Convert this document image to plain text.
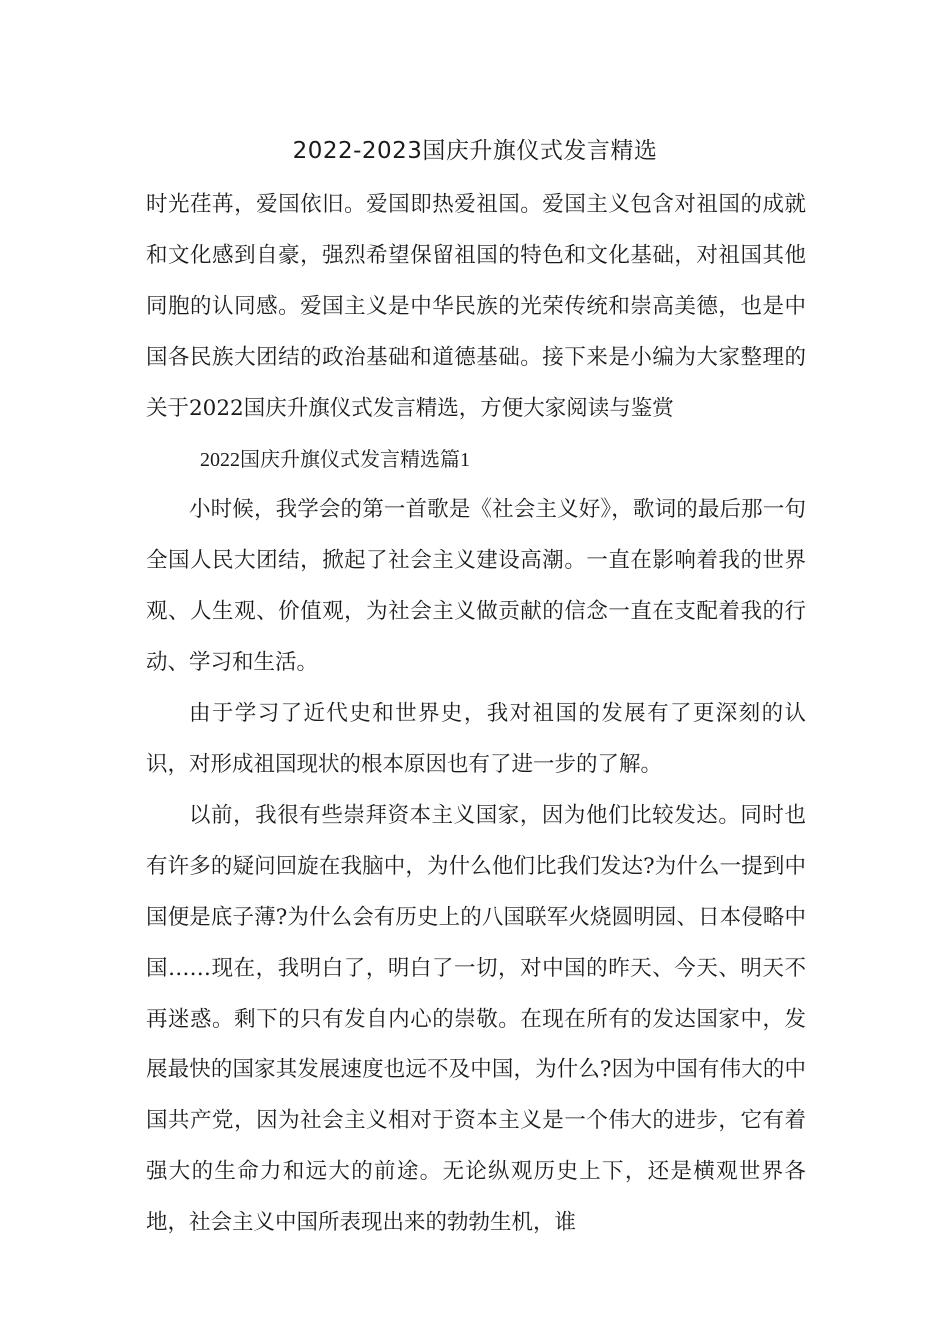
2022-2023国庆升旗仪式发言精选

时光荏苒，爱国依旧。爱国即热爱祖国。爱国主义包含对祖国的成就和文化感到自豪，强烈希望保留祖国的特色和文化基础，对祖国其他同胞的认同感。爱国主义是中华民族的光荣传统和崇高美德，也是中国各民族大团结的政治基础和道德基础。接下来是小编为大家整理的关于2022国庆升旗仪式发言精选，方便大家阅读与鉴赏

2022国庆升旗仪式发言精选篇1

小时候，我学会的第一首歌是《社会主义好》，歌词的最后那一句全国人民大团结，掀起了社会主义建设高潮。一直在影响着我的世界观、人生观、价值观，为社会主义做贡献的信念一直在支配着我的行动、学习和生活。

由于学习了近代史和世界史，我对祖国的发展有了更深刻的认识，对形成祖国现状的根本原因也有了进一步的了解。

以前，我很有些崇拜资本主义国家，因为他们比较发达。同时也有许多的疑问回旋在我脑中，为什么他们比我们发达?为什么一提到中国便是底子薄?为什么会有历史上的八国联军火烧圆明园、日本侵略中国……现在，我明白了，明白了一切，对中国的昨天、今天、明天不再迷惑。剩下的只有发自内心的崇敬。在现在所有的发达国家中，发展最快的国家其发展速度也远不及中国，为什么?因为中国有伟大的中国共产党，因为社会主义相对于资本主义是一个伟大的进步，它有着强大的生命力和远大的前途。无论纵观历史上下，还是横观世界各地，社会主义中国所表现出来的勃勃生机，谁
